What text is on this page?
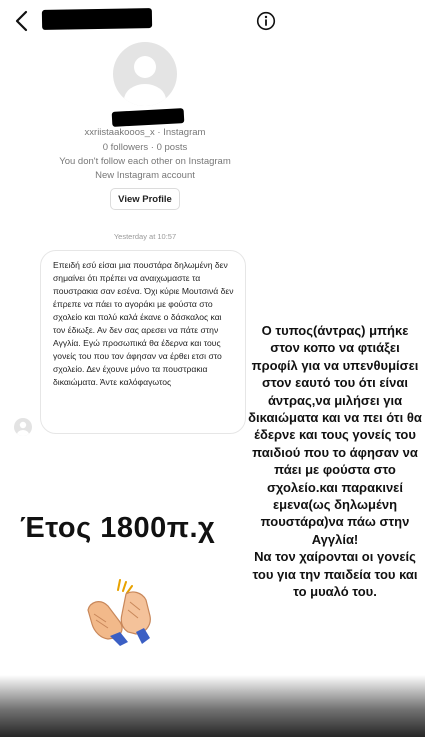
xxriistaakooos_x · Instagram
0 followers · 0 posts
You don't follow each other on Instagram
New Instagram account
View Profile
Yesterday at 10:57
Επειδή εσύ είσαι μια πουστάρα δηλωμένη δεν σημαίνει ότι πρέπει να αναιχωμαστε τα πουστρακια σαν εσένα. Όχι κύριε Μουτσινά δεν έπρεπε να πάει το αγοράκι με φούστα στο σχολείο και πολύ καλά έκανε ο δάσκαλος και τον έδιωξε. Αν δεν σας αρεσει να πάτε στην Αγγλία. Εγώ προσωπικά θα έδερνα και τους γονείς του που τον άφησαν να έρθει ετσι στο σχολείο. Δεν έχουνε μόνο τα πουστρακια δικαιώματα. Άντε καλόφαγωτος
Ο τυπος(άντρας) μπήκε στον κοπο να φτιάξει προφίλ για να υπενθυμίσει στον εαυτό του ότι είναι άντρας,να μιλήσει για δικαιώματα και να πει ότι θα έδερνε και τους γονείς του παιδιού που το άφησαν να πάει με φούστα στο σχολείο.και παρακινεί εμενα(ως δηλωμένη πουστάρα)να πάω στην Αγγλία!
Να τον χαίρονται οι γονείς του για την παιδεία του και το μυαλό του.
Έτος 1800π.χ
